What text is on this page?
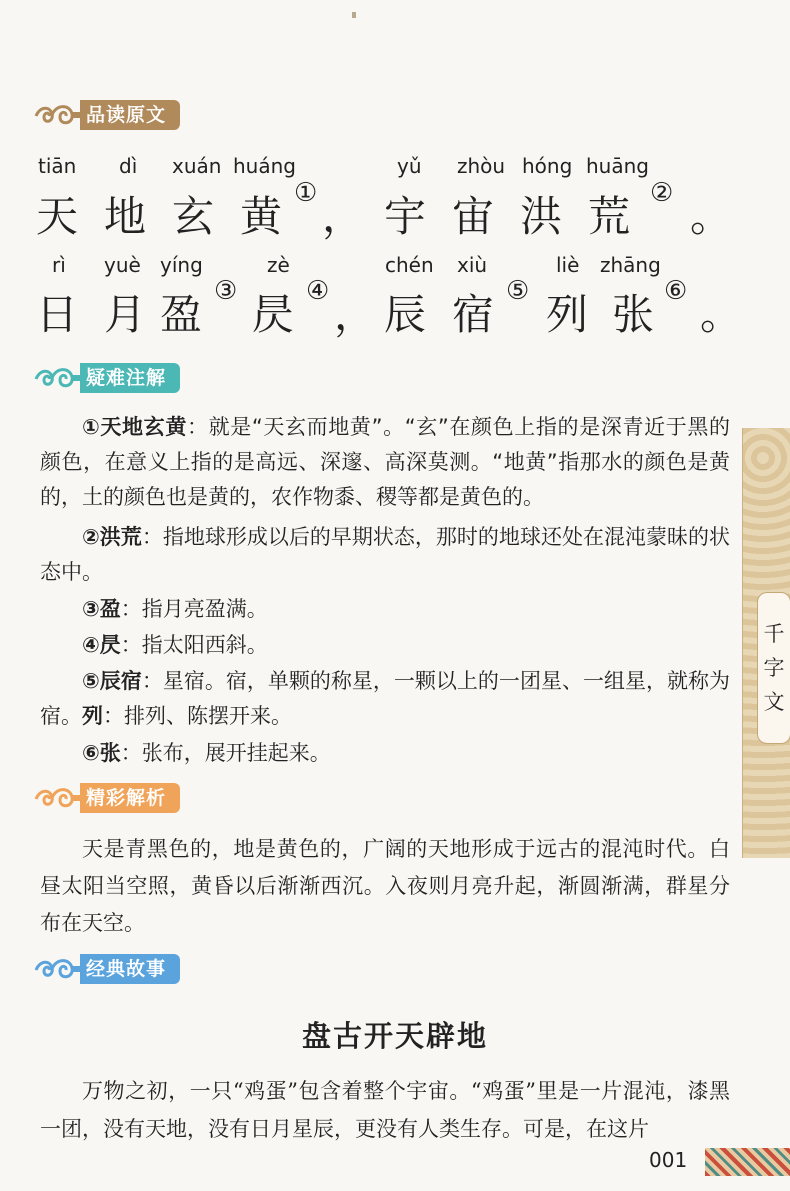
品读原文
tiān dì xuán huáng	yǔ zhòu hóng huāng
天 地 玄 黄 ① ， 宇 宙 洪 荒 ② 。
rì yuè yíng	zè	chén xiù	liè zhāng
日 月 盈 ③ 昃 ④ ， 辰 宿 ⑤ 列 张 ⑥ 。
疑难注解
①天地玄黄：就是“天玄而地黄”。“玄”在颜色上指的是深青近于黑的颜色，在意义上指的是高远、深邃、高深莫测。“地黄”指那水的颜色是黄的，土的颜色也是黄的，农作物黍、稷等都是黄色的。
②洪荒：指地球形成以后的早期状态，那时的地球还处在混沌蒙昧的状态中。
③盈：指月亮盈满。
④昃：指太阳西斜。
⑤辰宿：星宿。宿，单颗的称星，一颗以上的一团星、一组星，就称为宿。列：排列、陈摆开来。
⑥张：张布，展开挂起来。
精彩解析
天是青黑色的，地是黄色的，广阔的天地形成于远古的混沌时代。白昼太阳当空照，黄昏以后渐渐西沉。入夜则月亮升起，渐圆渐满，群星分布在天空。
经典故事
盘古开天辟地
万物之初，一只“鸡蛋”包含着整个宇宙。“鸡蛋”里是一片混沌，漆黑一团，没有天地，没有日月星辰，更没有人类生存。可是，在这片
千
字
文
001
